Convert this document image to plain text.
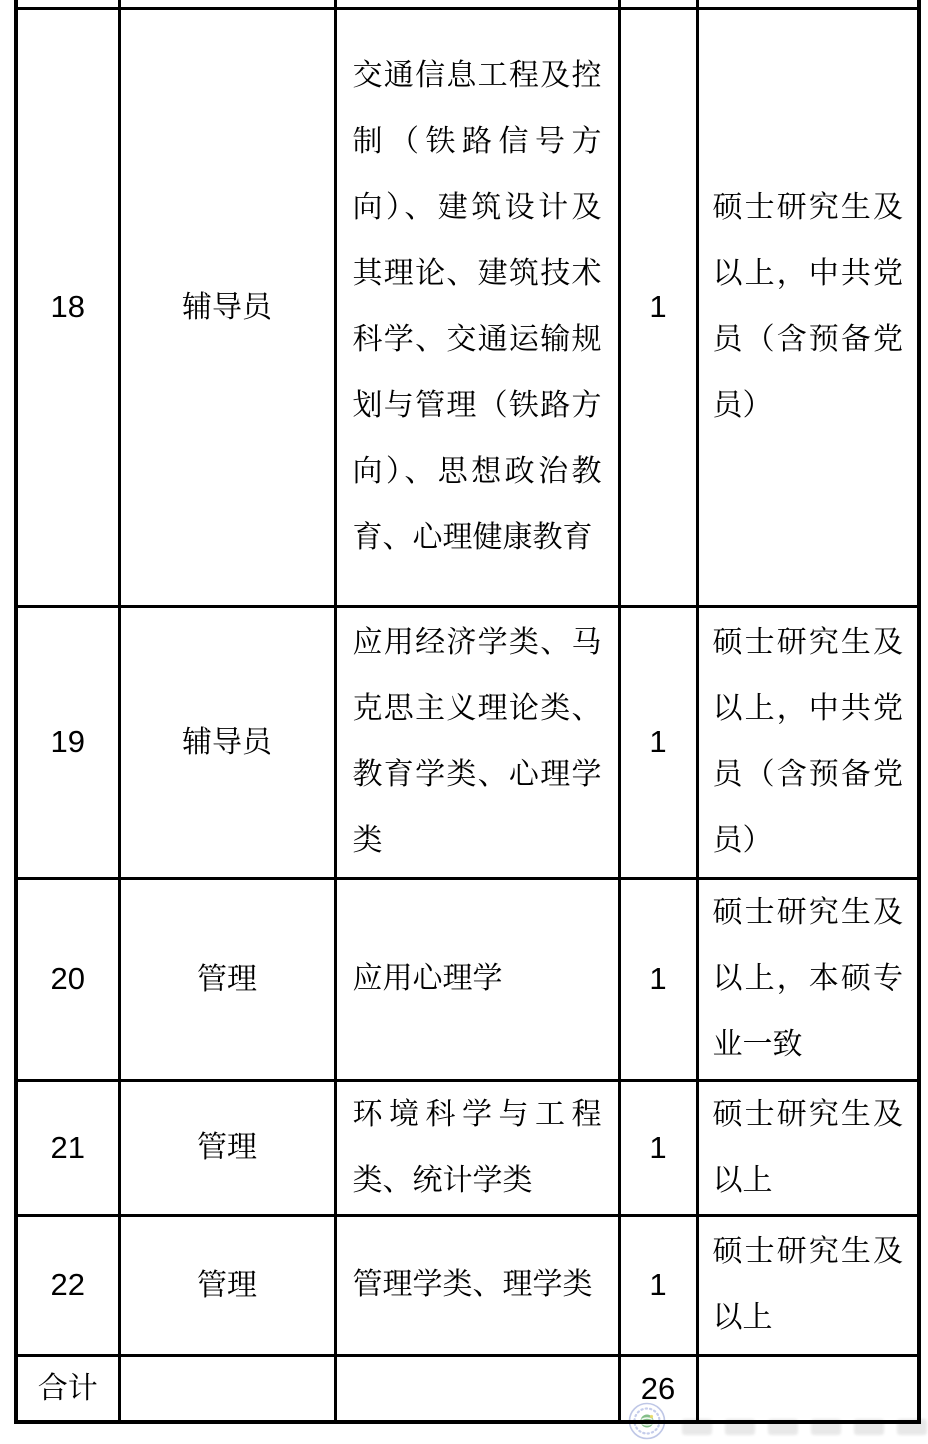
18	辅导员	交通信息工程及控制（铁路信号方向）、建筑设计及其理论、建筑技术科学、交通运输规划与管理（铁路方向）、思想政治教育、心理健康教育	1	硕士研究生及以上，中共党员（含预备党员）
19	辅导员	应用经济学类、马克思主义理论类、教育学类、心理学类	1	硕士研究生及以上，中共党员（含预备党员）
20	管理	应用心理学	1	硕士研究生及以上，本硕专业一致
21	管理	环境科学与工程类、统计学类	1	硕士研究生及以上
22	管理	管理学类、理学类	1	硕士研究生及以上
合计			26	
